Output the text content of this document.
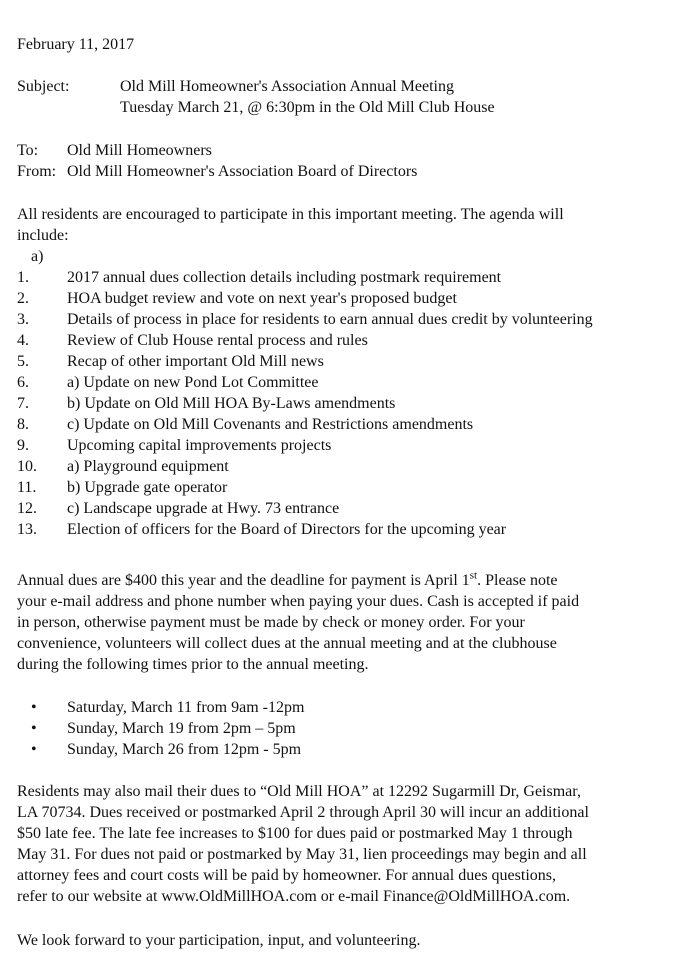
February 11, 2017
Subject:	Old Mill Homeowner's Association Annual Meeting
Tuesday March 21, @ 6:30pm in the Old Mill Club House
To: Old Mill Homeowners
From: Old Mill Homeowner's Association Board of Directors
All residents are encouraged to participate in this important meeting. The agenda will
include:
a)
1.	2017 annual dues collection details including postmark requirement
2.	HOA budget review and vote on next year's proposed budget
3.	Details of process in place for residents to earn annual dues credit by volunteering
4.	Review of Club House rental process and rules
5.	Recap of other important Old Mill news
6.	a) Update on new Pond Lot Committee
7.	b) Update on Old Mill HOA By-Laws amendments
8.	c) Update on Old Mill Covenants and Restrictions amendments
9.	Upcoming capital improvements projects
10.	a) Playground equipment
11.	b) Upgrade gate operator
12.	c) Landscape upgrade at Hwy. 73 entrance
13.	Election of officers for the Board of Directors for the upcoming year
Annual dues are $400 this year and the deadline for payment is April 1st. Please note
your e-mail address and phone number when paying your dues. Cash is accepted if paid
in person, otherwise payment must be made by check or money order. For your
convenience, volunteers will collect dues at the annual meeting and at the clubhouse
during the following times prior to the annual meeting.
• Saturday, March 11 from 9am -12pm
• Sunday, March 19 from 2pm – 5pm
• Sunday, March 26 from 12pm - 5pm
Residents may also mail their dues to “Old Mill HOA” at 12292 Sugarmill Dr, Geismar,
LA 70734. Dues received or postmarked April 2 through April 30 will incur an additional
$50 late fee. The late fee increases to $100 for dues paid or postmarked May 1 through
May 31. For dues not paid or postmarked by May 31, lien proceedings may begin and all
attorney fees and court costs will be paid by homeowner. For annual dues questions,
refer to our website at www.OldMillHOA.com or e-mail Finance@OldMillHOA.com.
We look forward to your participation, input, and volunteering.
